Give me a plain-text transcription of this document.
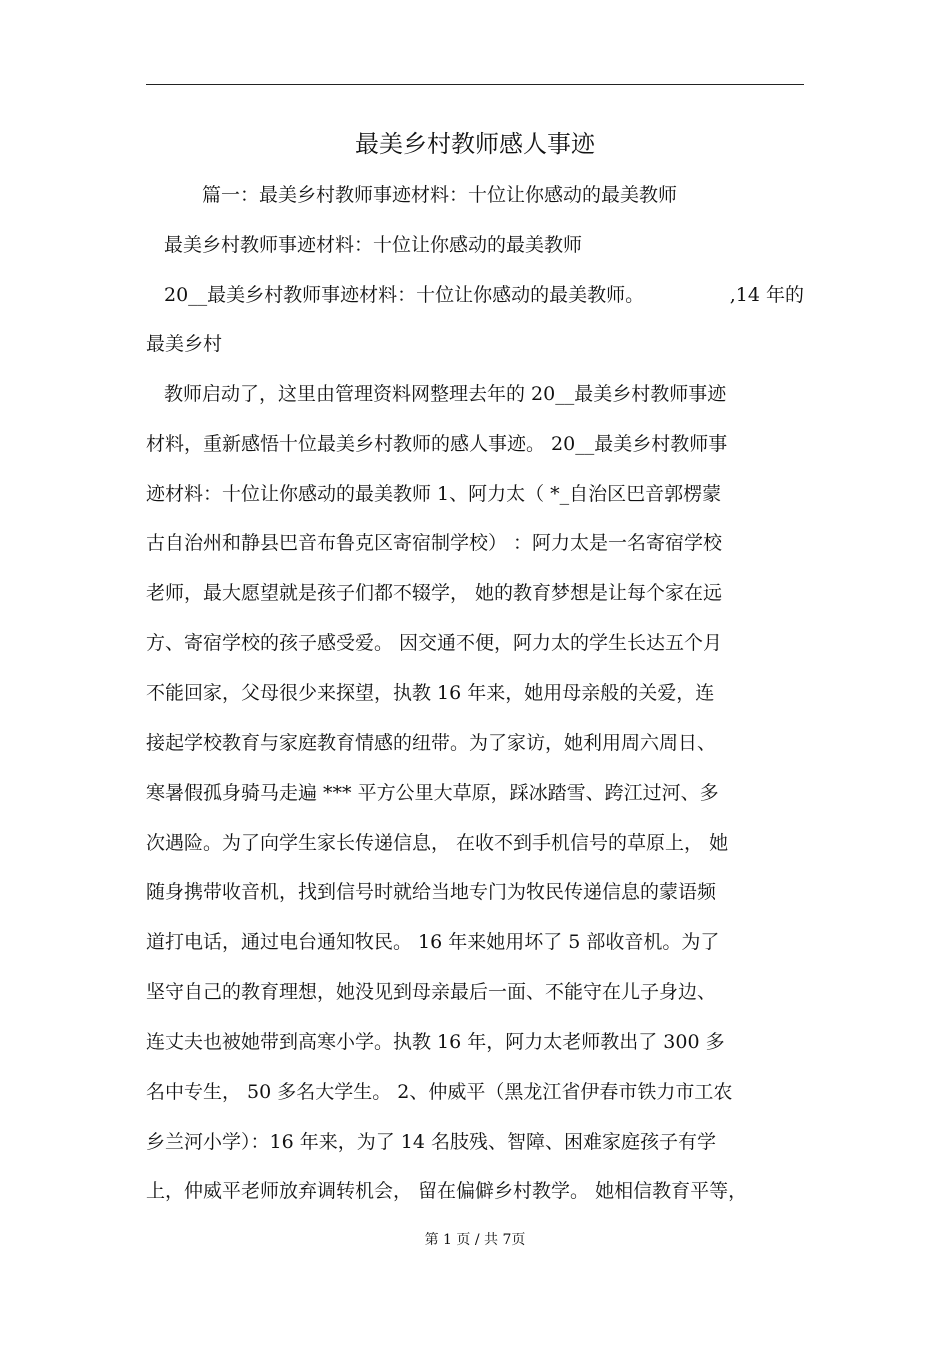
最美乡村教师感人事迹

篇一：最美乡村教师事迹材料：十位让你感动的最美教师

最美乡村教师事迹材料：十位让你感动的最美教师

20__最美乡村教师事迹材料：十位让你感动的最美教师。	,14 年的

最美乡村

教师启动了，这里由管理资料网整理去年的 20__最美乡村教师事迹

材料，重新感悟十位最美乡村教师的感人事迹。 20__最美乡村教师事

迹材料：十位让你感动的最美教师 1、阿力太（ *_自治区巴音郭楞蒙

古自治州和静县巴音布鲁克区寄宿制学校） ：阿力太是一名寄宿学校

老师，最大愿望就是孩子们都不辍学， 她的教育梦想是让每个家在远

方、寄宿学校的孩子感受爱。 因交通不便，阿力太的学生长达五个月

不能回家，父母很少来探望，执教 16 年来，她用母亲般的关爱，连

接起学校教育与家庭教育情感的纽带。为了家访，她利用周六周日、

寒暑假孤身骑马走遍 *** 平方公里大草原，踩冰踏雪、跨江过河、多

次遇险。为了向学生家长传递信息， 在收不到手机信号的草原上， 她

随身携带收音机，找到信号时就给当地专门为牧民传递信息的蒙语频

道打电话，通过电台通知牧民。 16 年来她用坏了 5 部收音机。为了

坚守自己的教育理想，她没见到母亲最后一面、不能守在儿子身边、

连丈夫也被她带到高寒小学。执教 16 年，阿力太老师教出了 300 多

名中专生， 50 多名大学生。 2、仲威平（黑龙江省伊春市铁力市工农

乡兰河小学）：16 年来，为了 14 名肢残、智障、困难家庭孩子有学

上，仲威平老师放弃调转机会， 留在偏僻乡村教学。 她相信教育平等，

第 1 页 / 共 7页
